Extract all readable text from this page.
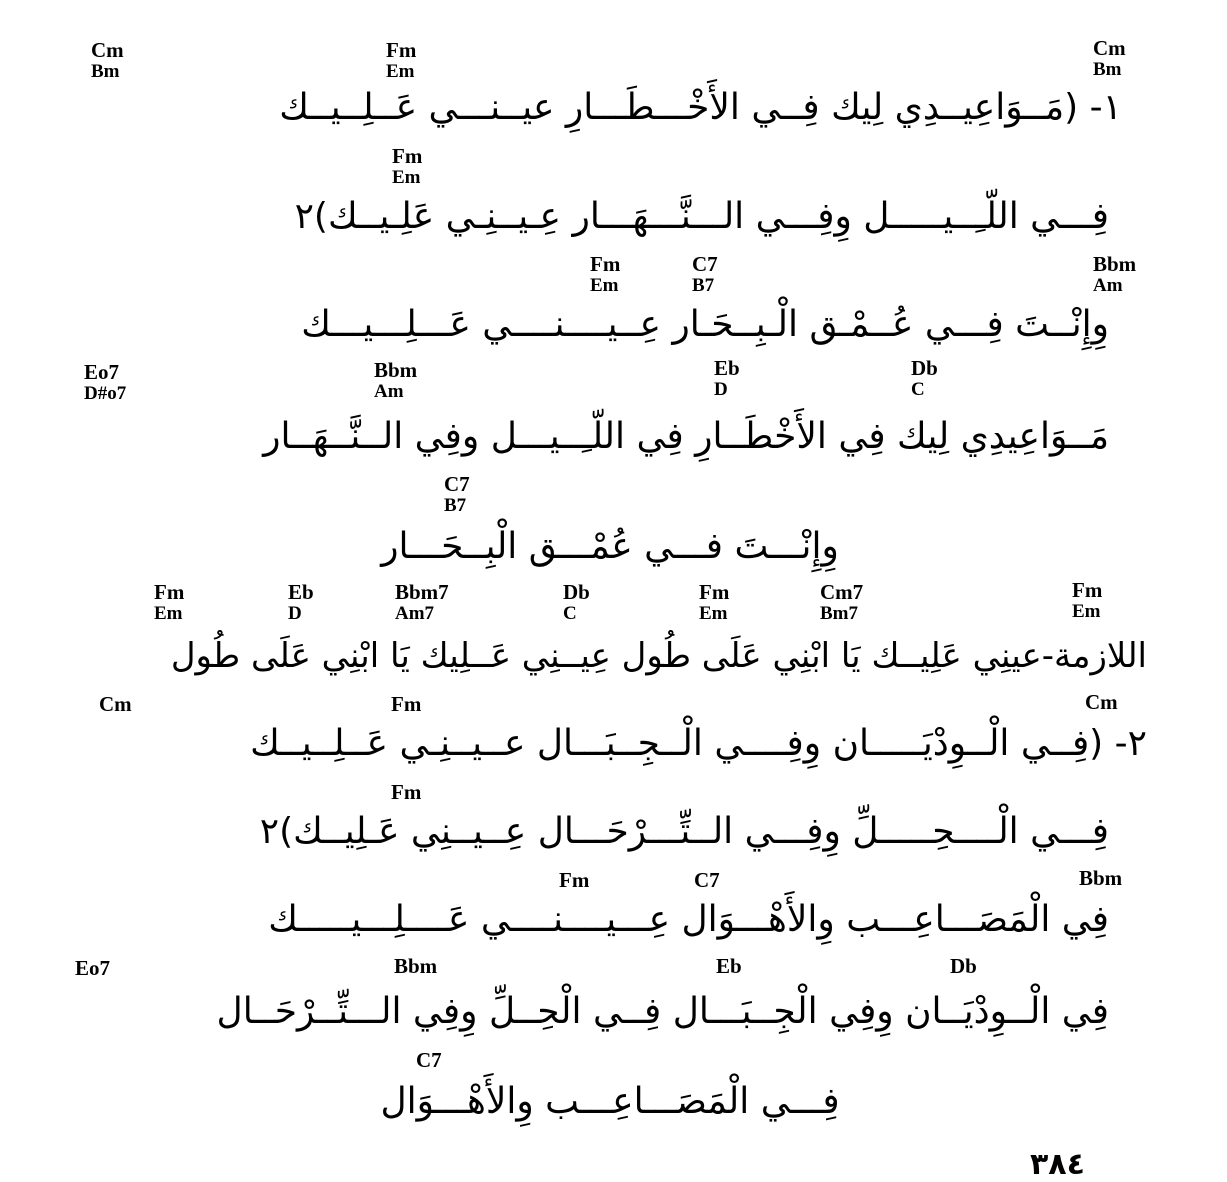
Cm
Bm
Fm
Em
Cm
Bm
١- (مَــوَاعِيــدِي لِيك فِــي الأَخْـــطَـــارِ عيــنـــي عَــلِــيــك
Fm
Em
فِـــي اللّـِــيـــــل وِفِـــي الـــنَّـــهَـــار عِـيــنِـي عَلِـيــك)٢
Fm
Em
C7
B7
Bbm
Am
وِإِنْــتَ فِـــي عُــمْـق الْـبِــحَـار عِــيــــنــــي عَـــلِـــيـــك
Eo7
D#o7
Bbm
Am
Eb
D
Db
C
مَــوَاعِيدِي لِيك فِي الأَخْطَــارِ فِي اللّـِــيـــل وفِي الــنَّــهَــار
C7
B7
وِإِنْـــتَ فـــي عُمْـــق الْبِــحَـــار
Fm
Em
Eb
D
Bbm7
Am7
Db
C
Fm
Em
Cm7
Bm7
Fm
Em
اللازمة-عينِي عَلِيــك يَا ابْنِي عَلَى طُول عِيــنِي عَــلِيك يَا ابْنِي عَلَى طُول
Cm	Fm	Cm
٢- (فِــي الْــوِدْيَـــــان وِفِــــي الْــجِــبَـــال عــيــنِـي عَــلِــيــك
Fm
فِـــي الْــــحِـــــلِّ وِفِـــي الــتِّـــرْحَـــال عِــيــنِي عَـلِيــك)٢
Fm	C7	Bbm
فِي الْمَصَـــاعِـــب وِالأَهْـــوَال عِـــيــــنــــي عَــــلِـــيـــــك
Eo7	Bbm	Eb	Db
فِي الْــوِدْيَــان وِفِي الْجِــبَـــال فِــي الْحِــلِّ وِفِي الـــتِّــرْحَــال
C7
فِـــي الْمَصَـــاعِـــب وِالأَهْـــوَال
٣٨٤
